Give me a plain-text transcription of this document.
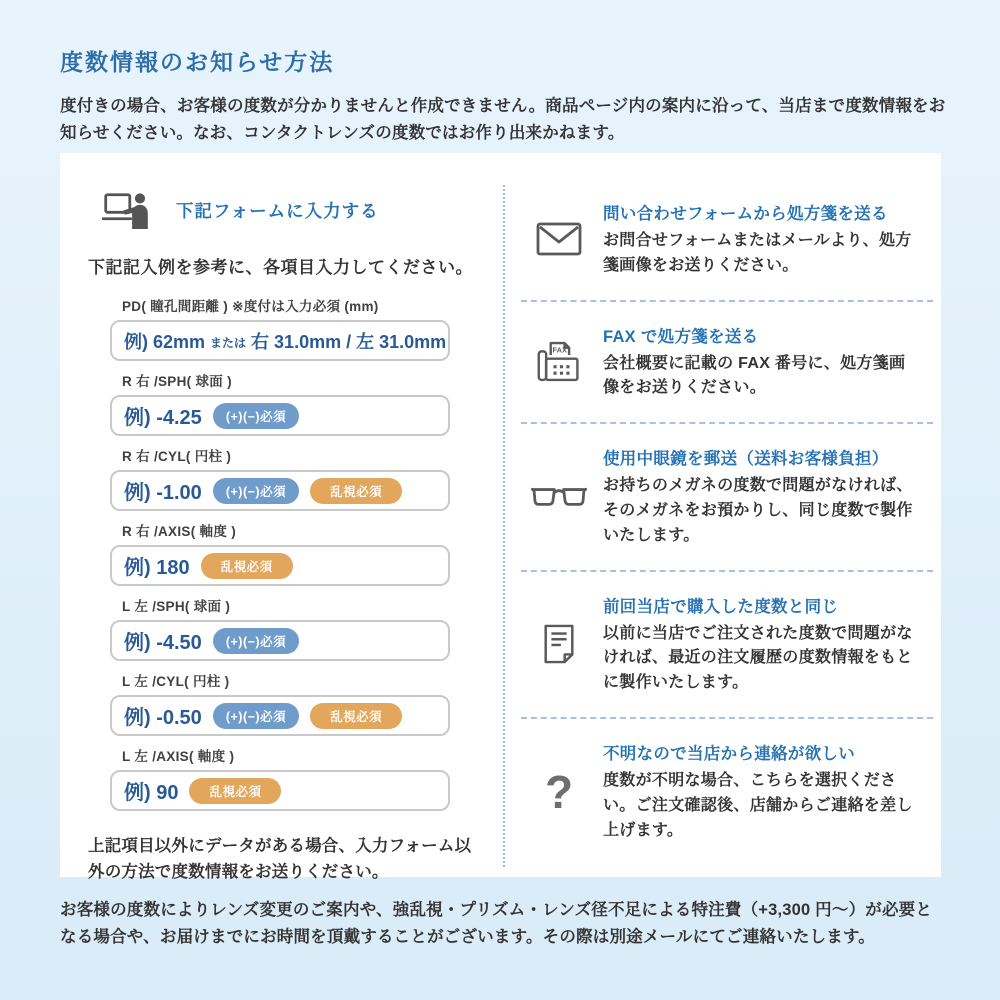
度数情報のお知らせ方法
度付きの場合、お客様の度数が分かりませんと作成できません。商品ページ内の案内に沿って、当店まで度数情報をお知らせください。なお、コンタクトレンズの度数ではお作り出来かねます。
下記フォームに入力する
下記記入例を参考に、各項目入力してください。
PD( 瞳孔間距離 ) ※度付は入力必須 (mm)
例) 62mm または 右 31.0mm / 左 31.0mm
R 右 /SPH( 球面 )
例) -4.25	(+)(−)必須
R 右 /CYL( 円柱 )
例) -1.00	(+)(−)必須	乱視必須
R 右 /AXIS( 軸度 )
例) 180	乱視必須
L 左 /SPH( 球面 )
例) -4.50	(+)(−)必須
L 左 /CYL( 円柱 )
例) -0.50	(+)(−)必須	乱視必須
L 左 /AXIS( 軸度 )
例) 90	乱視必須
上記項目以外にデータがある場合、入力フォーム以外の方法で度数情報をお送りください。
問い合わせフォームから処方箋を送る
お問合せフォームまたはメールより、処方箋画像をお送りください。
FAX
FAX で処方箋を送る
会社概要に記載の FAX 番号に、処方箋画像をお送りください。
使用中眼鏡を郵送（送料お客様負担）
お持ちのメガネの度数で問題がなければ、そのメガネをお預かりし、同じ度数で製作いたします。
前回当店で購入した度数と同じ
以前に当店でご注文された度数で問題がなければ、最近の注文履歴の度数情報をもとに製作いたします。
?
不明なので当店から連絡が欲しい
度数が不明な場合、こちらを選択ください。ご注文確認後、店舗からご連絡を差し上げます。
お客様の度数によりレンズ変更のご案内や、強乱視・プリズム・レンズ径不足による特注費（+3,300 円〜）が必要となる場合や、お届けまでにお時間を頂戴することがございます。その際は別途メールにてご連絡いたします。
